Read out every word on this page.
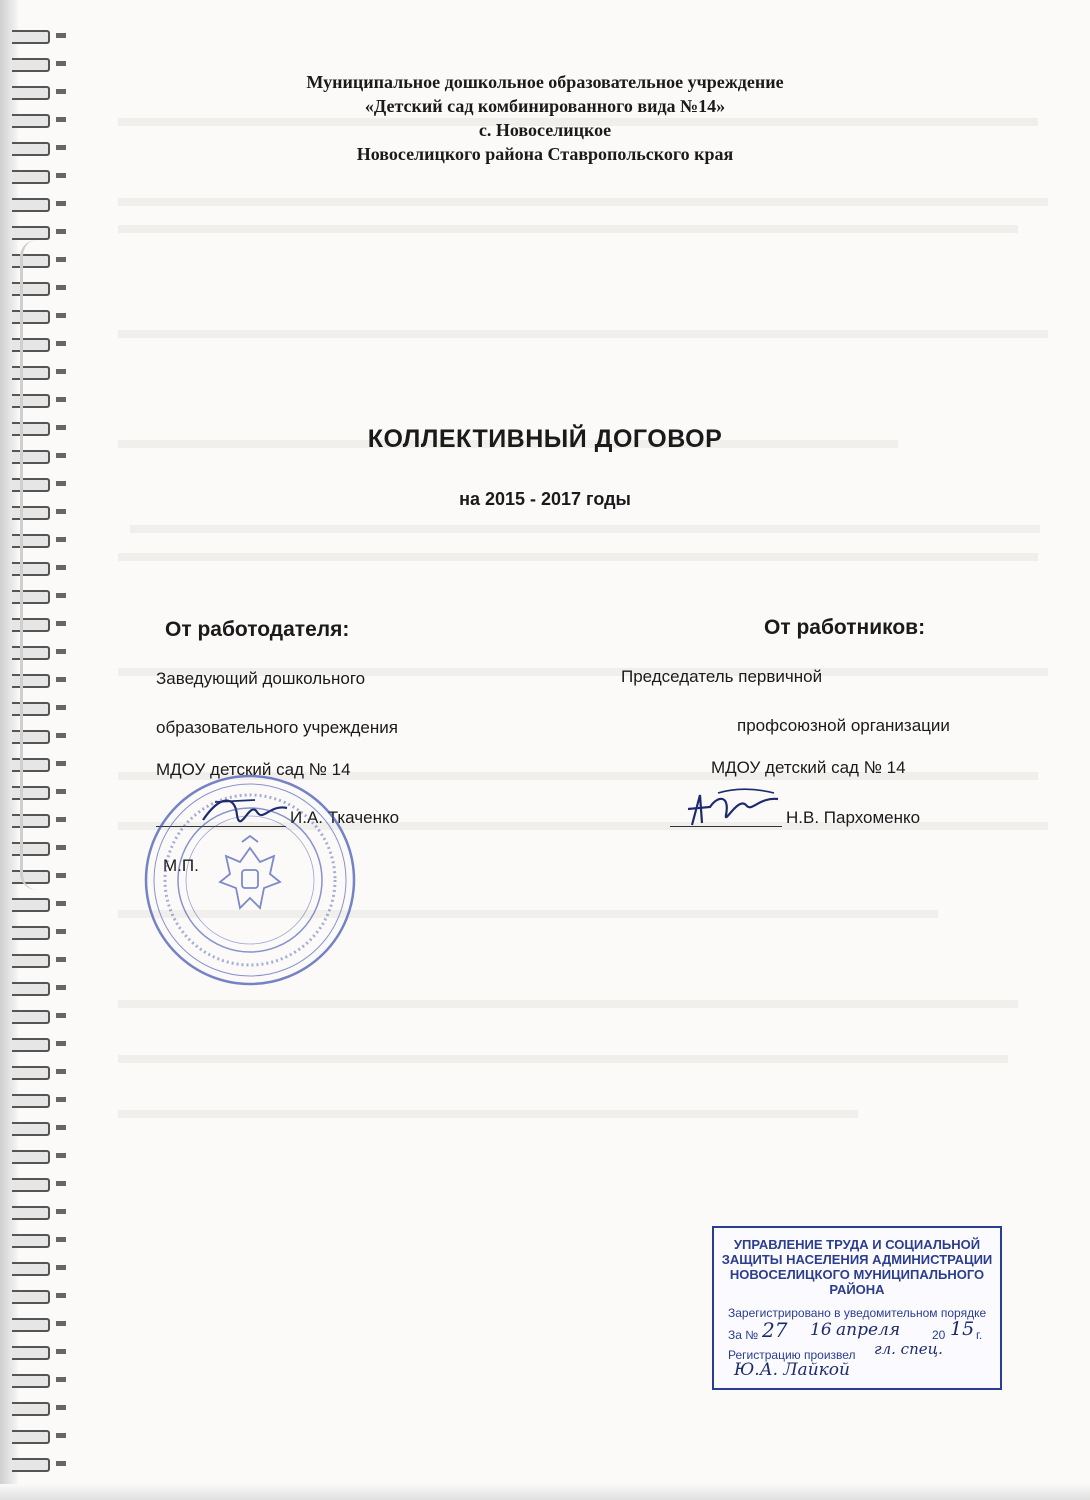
Муниципальное дошкольное образовательное учреждение
«Детский сад комбинированного вида №14»
с. Новоселицкое
Новоселицкого района Ставропольского края
КОЛЛЕКТИВНЫЙ ДОГОВОР
на 2015 - 2017 годы
От работодателя:
Заведующий дошкольного
образовательного учреждения
МДОУ детский сад № 14
И.А. Ткаченко
М.П.
От работников:
Председатель первичной
профсоюзной организации
МДОУ детский сад № 14
Н.В. Пархоменко
УПРАВЛЕНИЕ ТРУДА И СОЦИАЛЬНОЙ ЗАЩИТЫ НАСЕЛЕНИЯ АДМИНИСТРАЦИИ НОВОСЕЛИЦКОГО МУНИЦИПАЛЬНОГО РАЙОНА
Зарегистрировано в уведомительном порядке
За № 27 16 апреля	20 15 г.
Регистрацию произвел гл. спец.
Ю.А. Лайкой
